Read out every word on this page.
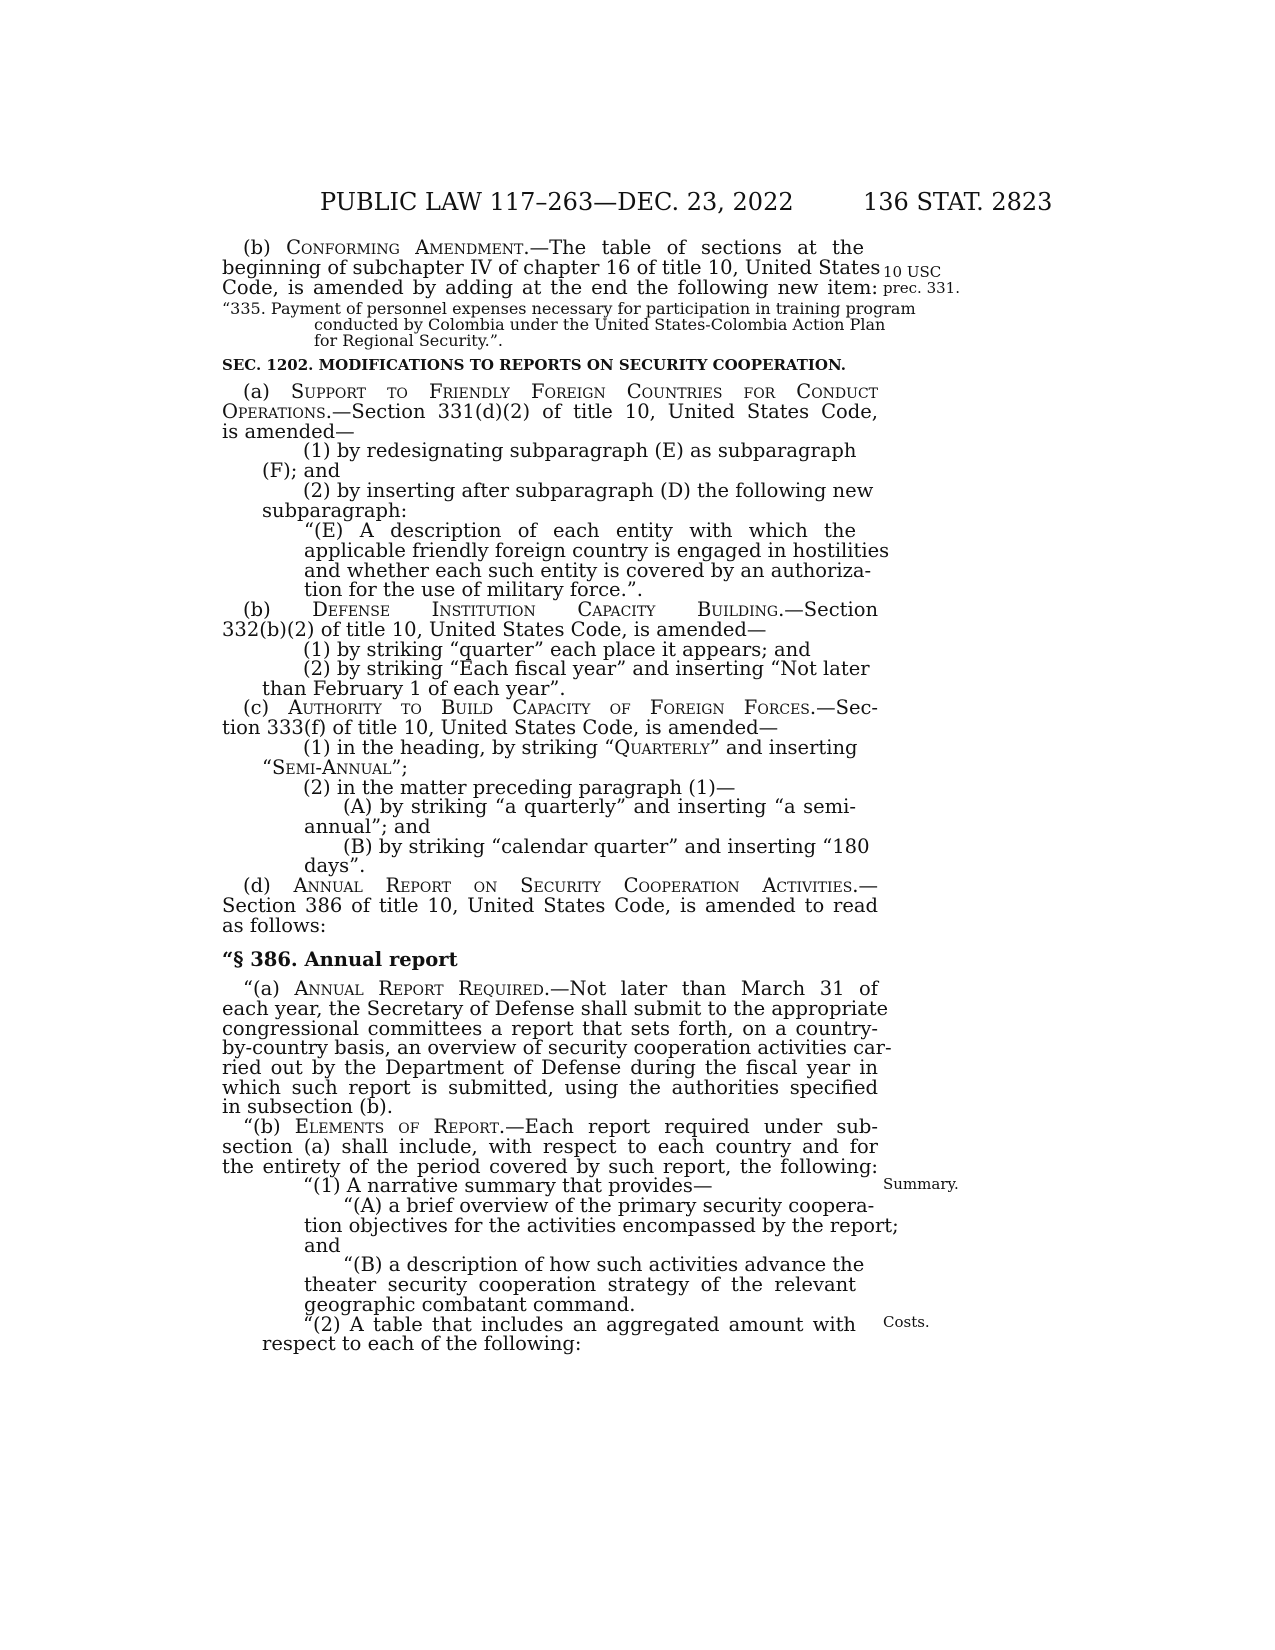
PUBLIC LAW 117–263—DEC. 23, 2022	136 STAT. 2823
(b) Conforming Amendment.—The table of sections at the
beginning of subchapter IV of chapter 16 of title 10, United States
Code, is amended by adding at the end the following new item:
“335. Payment of personnel expenses necessary for participation in training program
conducted by Colombia under the United States-Colombia Action Plan
for Regional Security.”.
SEC. 1202. MODIFICATIONS TO REPORTS ON SECURITY COOPERATION.
(a) Support to Friendly Foreign Countries for Conduct
Operations.—Section 331(d)(2) of title 10, United States Code,
is amended—
(1) by redesignating subparagraph (E) as subparagraph
(F); and
(2) by inserting after subparagraph (D) the following new
subparagraph:
“(E) A description of each entity with which the
applicable friendly foreign country is engaged in hostilities
and whether each such entity is covered by an authoriza-
tion for the use of military force.”.
(b) Defense Institution Capacity Building.—Section
332(b)(2) of title 10, United States Code, is amended—
(1) by striking “quarter” each place it appears; and
(2) by striking “Each fiscal year” and inserting “Not later
than February 1 of each year”.
(c) Authority to Build Capacity of Foreign Forces.—Sec-
tion 333(f) of title 10, United States Code, is amended—
(1) in the heading, by striking “Quarterly” and inserting
“Semi-Annual”;
(2) in the matter preceding paragraph (1)—
(A) by striking “a quarterly” and inserting “a semi-
annual”; and
(B) by striking “calendar quarter” and inserting “180
days”.
(d) Annual Report on Security Cooperation Activities.—
Section 386 of title 10, United States Code, is amended to read
as follows:
“§ 386. Annual report
“(a) Annual Report Required.—Not later than March 31 of
each year, the Secretary of Defense shall submit to the appropriate
congressional committees a report that sets forth, on a country-
by-country basis, an overview of security cooperation activities car-
ried out by the Department of Defense during the fiscal year in
which such report is submitted, using the authorities specified
in subsection (b).
“(b) Elements of Report.—Each report required under sub-
section (a) shall include, with respect to each country and for
the entirety of the period covered by such report, the following:
“(1) A narrative summary that provides—
“(A) a brief overview of the primary security coopera-
tion objectives for the activities encompassed by the report;
and
“(B) a description of how such activities advance the
theater security cooperation strategy of the relevant
geographic combatant command.
“(2) A table that includes an aggregated amount with
respect to each of the following:
10 USC
prec. 331.
Summary.
Costs.
